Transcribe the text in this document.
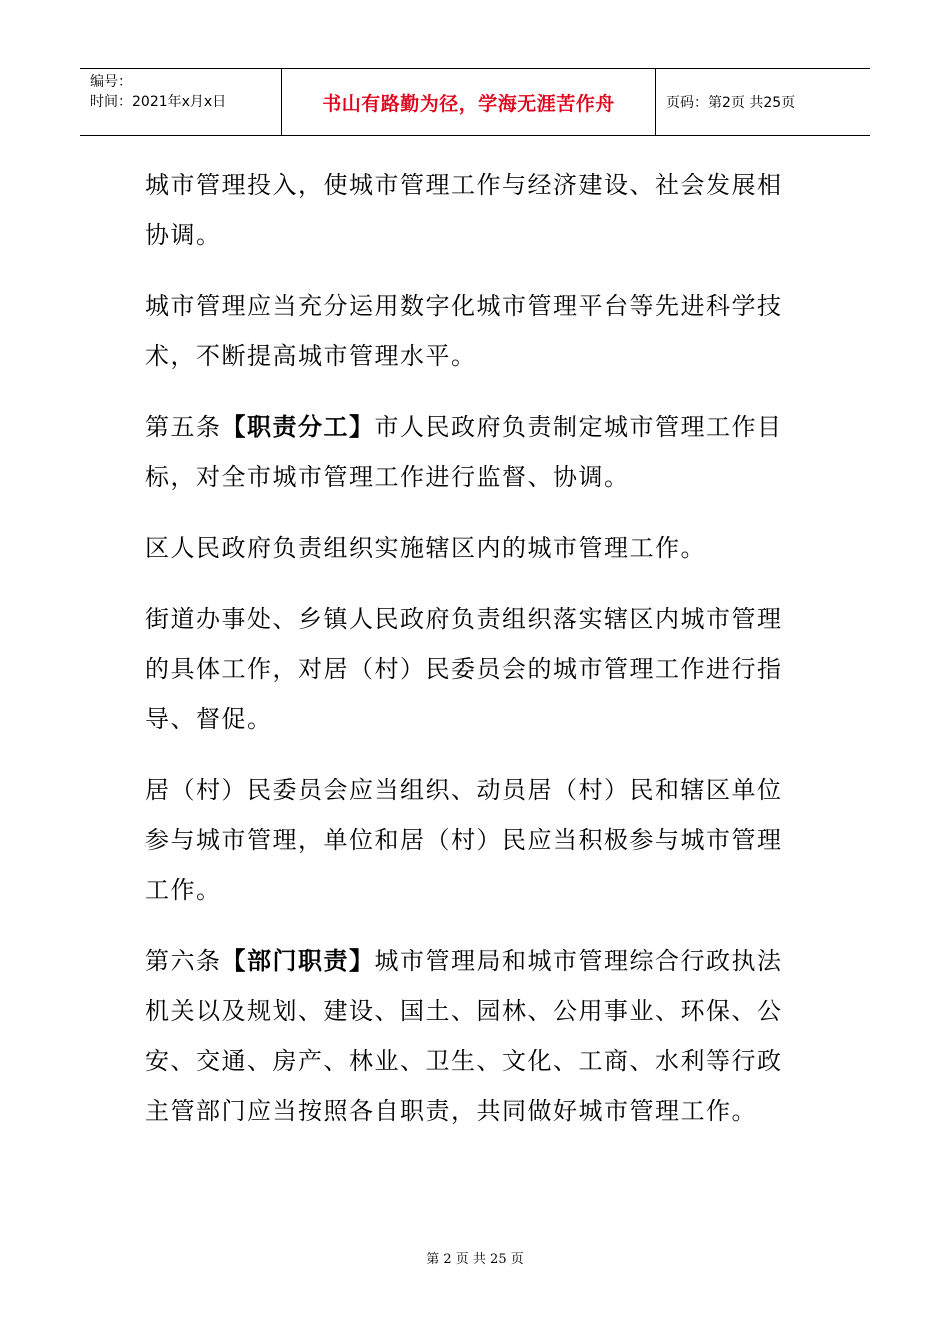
编号：
时间：2021年x月x日	书山有路勤为径，学海无涯苦作舟	页码：第2页 共25页

城市管理投入，使城市管理工作与经济建设、社会发展相协调。

城市管理应当充分运用数字化城市管理平台等先进科学技术，不断提高城市管理水平。

第五条【职责分工】市人民政府负责制定城市管理工作目标，对全市城市管理工作进行监督、协调。

区人民政府负责组织实施辖区内的城市管理工作。

街道办事处、乡镇人民政府负责组织落实辖区内城市管理的具体工作，对居（村）民委员会的城市管理工作进行指导、督促。

居（村）民委员会应当组织、动员居（村）民和辖区单位参与城市管理，单位和居（村）民应当积极参与城市管理工作。

第六条【部门职责】城市管理局和城市管理综合行政执法机关以及规划、建设、国土、园林、公用事业、环保、公安、交通、房产、林业、卫生、文化、工商、水利等行政主管部门应当按照各自职责，共同做好城市管理工作。

第 2 页 共 25 页
